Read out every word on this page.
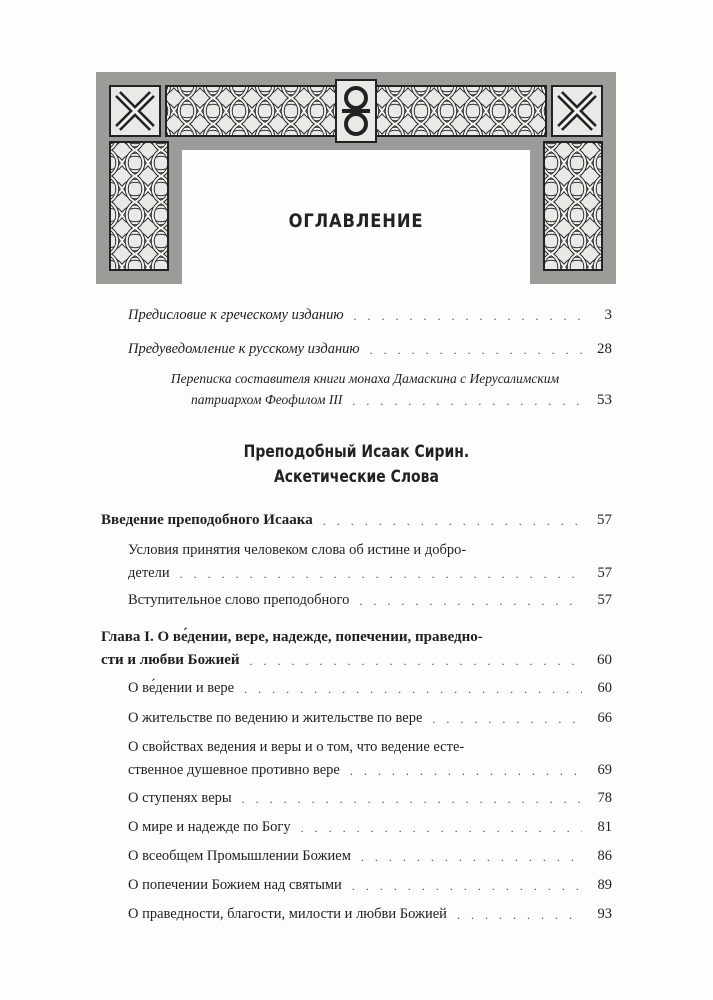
ОГЛАВЛЕНИЕ
Предисловие к греческому изданию . . .	3
Предуведомление к русскому изданию . . .	28
Переписка составителя книги монаха Дамаскина с Иерусалимским
патриархом Феофилом III . . .	53
Преподобный Исаак Сирин.
Аскетические Слова
Введение преподобного Исаака . . .	57
Условия принятия человеком слова об истине и добро-
детели . . .	57
Вступительное слово преподобного . . .	57
Глава I. О ве́дении, вере, надежде, попечении, праведно-
сти и любви Божией . . .	60
О ве́дении и вере . . .	60
О жительстве по ведению и жительстве по вере . . .	66
О свойствах ведения и веры и о том, что ведение есте-
ственное душевное противно вере . . .	69
О ступенях веры . . .	78
О мире и надежде по Богу . . .	81
О всеобщем Промышлении Божием . . .	86
О попечении Божием над святыми . . .	89
О праведности, благости, милости и любви Божией . . .	93
